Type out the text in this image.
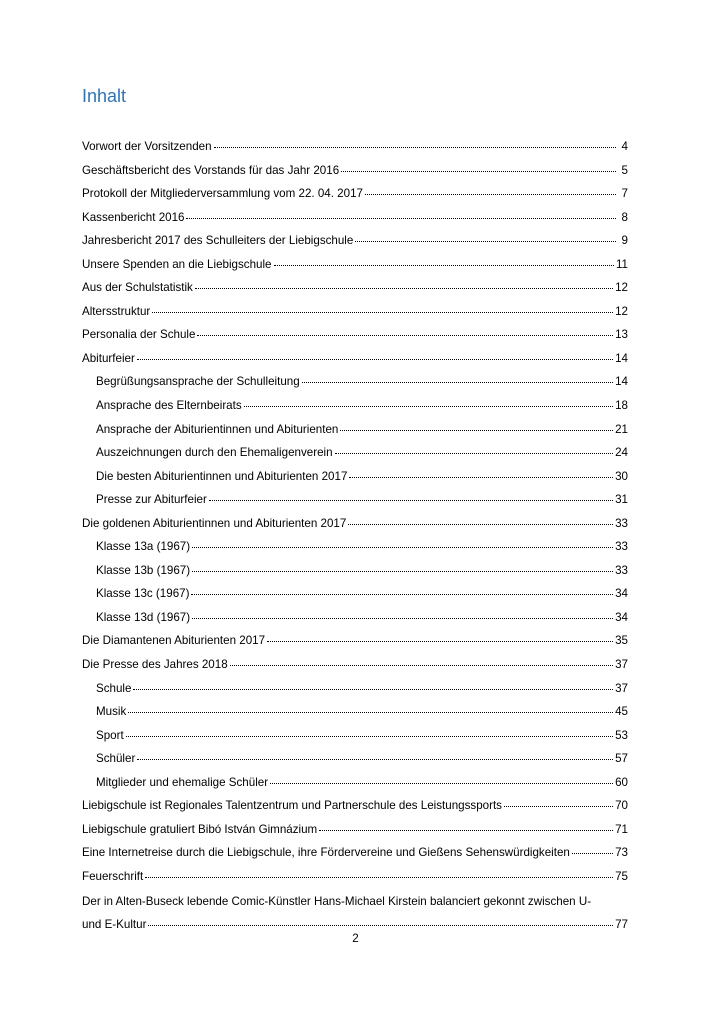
Inhalt
Vorwort der Vorsitzenden	4
Geschäftsbericht des Vorstands für das Jahr 2016	5
Protokoll der Mitgliederversammlung vom 22. 04. 2017	7
Kassenbericht 2016	8
Jahresbericht 2017 des Schulleiters der Liebigschule	9
Unsere Spenden an die Liebigschule	11
Aus der Schulstatistik	12
Altersstruktur	12
Personalia der Schule	13
Abiturfeier	14
Begrüßungsansprache der Schulleitung	14
Ansprache des Elternbeirats	18
Ansprache der Abiturientinnen und Abiturienten	21
Auszeichnungen durch den Ehemaligenverein	24
Die besten Abiturientinnen und Abiturienten 2017	30
Presse zur Abiturfeier	31
Die goldenen Abiturientinnen und Abiturienten 2017	33
Klasse 13a (1967)	33
Klasse 13b (1967)	33
Klasse 13c (1967)	34
Klasse 13d (1967)	34
Die Diamantenen Abiturienten 2017	35
Die Presse des Jahres 2018	37
Schule	37
Musik	45
Sport	53
Schüler	57
Mitglieder und ehemalige Schüler	60
Liebigschule ist Regionales Talentzentrum und Partnerschule des Leistungssports	70
Liebigschule gratuliert Bibó István Gimnázium	71
Eine Internetreise durch die Liebigschule, ihre Fördervereine und Gießens Sehenswürdigkeiten	73
Feuerschrift	75
Der in Alten-Buseck lebende Comic-Künstler Hans-Michael Kirstein balanciert gekonnt zwischen U-
und E-Kultur	77
2
